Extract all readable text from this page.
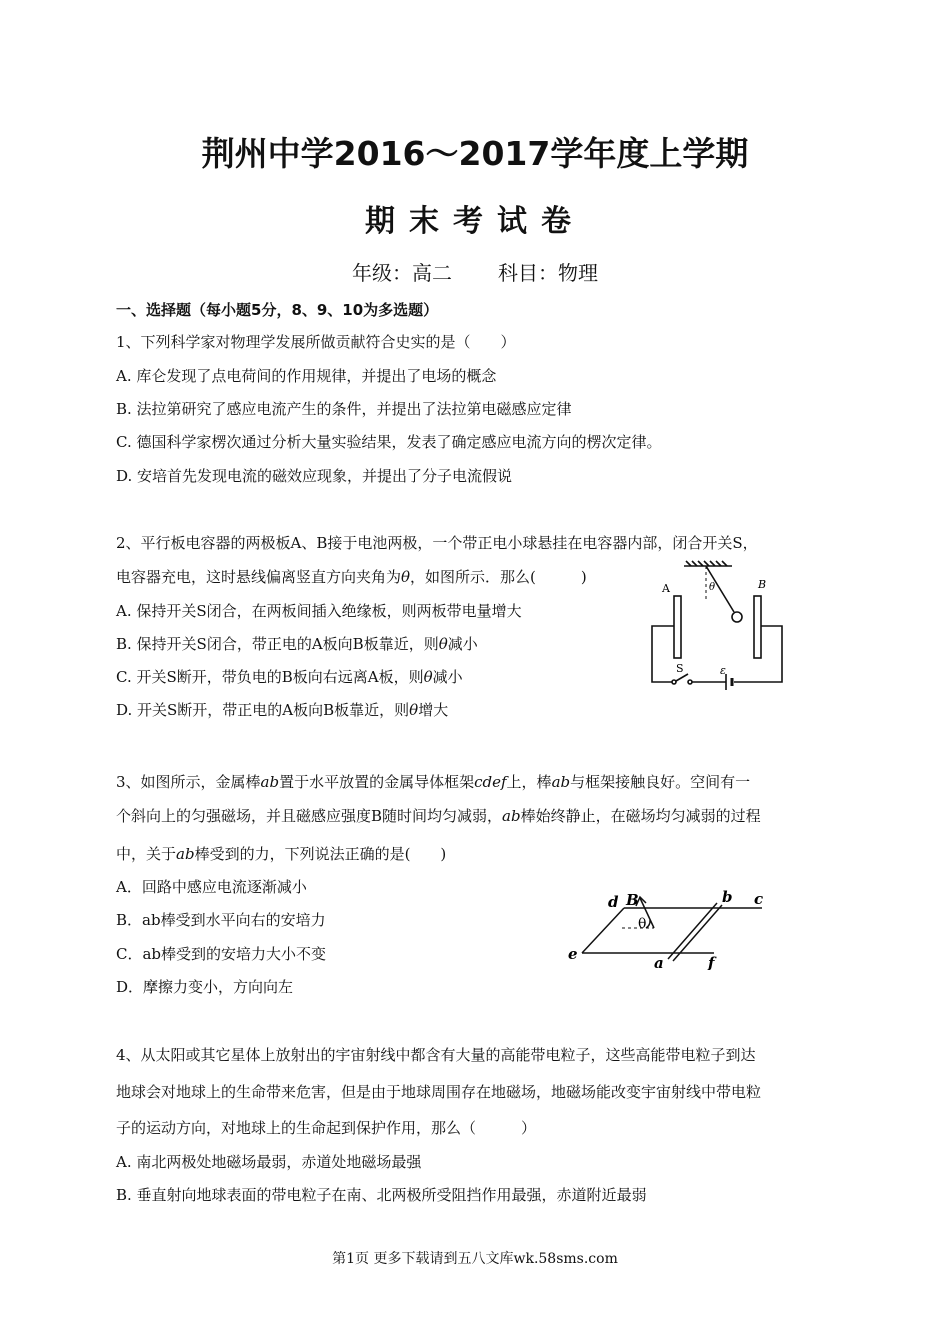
荆州中学2016～2017学年度上学期
期末考试卷
年级：高二 科目：物理
一、选择题（每小题5分，8、9、10为多选题）
1、下列科学家对物理学发展所做贡献符合史实的是（　　）
A. 库仑发现了点电荷间的作用规律，并提出了电场的概念
B. 法拉第研究了感应电流产生的条件，并提出了法拉第电磁感应定律
C. 德国科学家楞次通过分析大量实验结果，发表了确定感应电流方向的楞次定律。
D. 安培首先发现电流的磁效应现象，并提出了分子电流假说
2、平行板电容器的两极板A、B接于电池两极，一个带正电小球悬挂在电容器内部，闭合开关S，
电容器充电，这时悬线偏离竖直方向夹角为θ，如图所示．那么(　　　)
A. 保持开关S闭合，在两板间插入绝缘板，则两板带电量增大
B. 保持开关S闭合，带正电的A板向B板靠近，则θ减小
C. 开关S断开，带负电的B板向右远离A板，则θ减小
D. 开关S断开，带正电的A板向B板靠近，则θ增大
A	B
θ
S	ε
3、如图所示，金属棒ab置于水平放置的金属导体框架cdef上，棒ab与框架接触良好。空间有一
个斜向上的匀强磁场，并且磁感应强度B随时间均匀减弱，ab棒始终静止，在磁场均匀减弱的过程
中，关于ab棒受到的力，下列说法正确的是(　　)
A．回路中感应电流逐渐减小
B．ab棒受到水平向右的安培力
C．ab棒受到的安培力大小不变
D．摩擦力变小，方向向左
d B	b c
θ
e	a	f
4、从太阳或其它星体上放射出的宇宙射线中都含有大量的高能带电粒子，这些高能带电粒子到达
地球会对地球上的生命带来危害，但是由于地球周围存在地磁场，地磁场能改变宇宙射线中带电粒
子的运动方向，对地球上的生命起到保护作用，那么（　　　）
A. 南北两极处地磁场最弱，赤道处地磁场最强
B. 垂直射向地球表面的带电粒子在南、北两极所受阻挡作用最强，赤道附近最弱
第1页 更多下载请到五八文库wk.58sms.com
